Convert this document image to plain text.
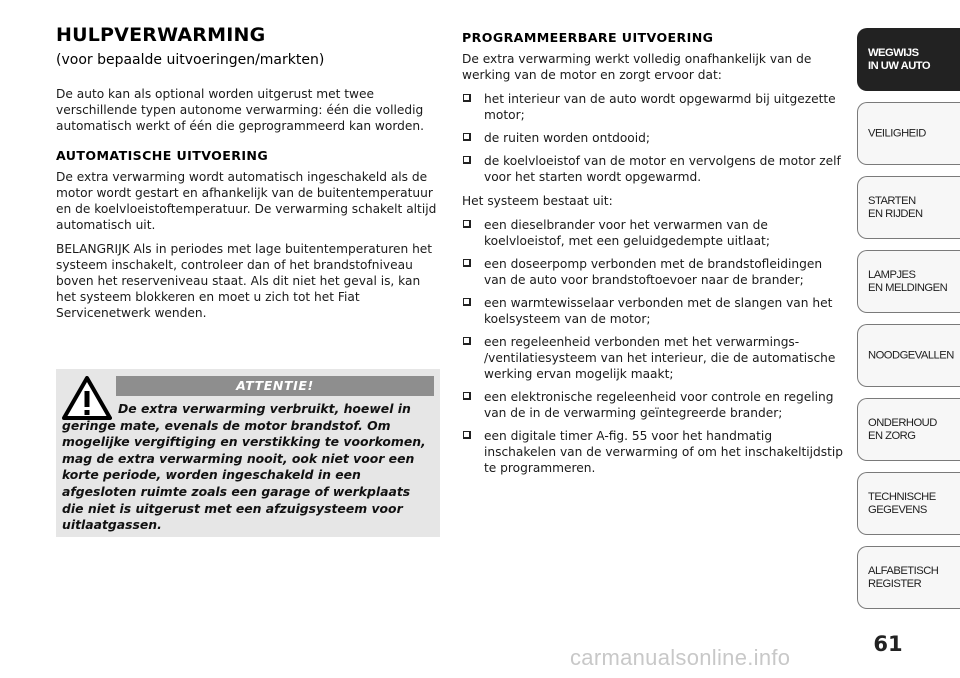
HULPVERWARMING
(voor bepaalde uitvoeringen/markten)

De auto kan als optional worden uitgerust met twee verschillende typen autonome verwarming: één die volledig automatisch werkt of één die geprogrammeerd kan worden.

AUTOMATISCHE UITVOERING

De extra verwarming wordt automatisch ingeschakeld als de motor wordt gestart en afhankelijk van de buitentemperatuur en de koelvloeistoftemperatuur. De verwarming schakelt altijd automatisch uit.

BELANGRIJK Als in periodes met lage buitentemperaturen het systeem inschakelt, controleer dan of het brandstofniveau boven het reserveniveau staat. Als dit niet het geval is, kan het systeem blokkeren en moet u zich tot het Fiat Servicenetwerk wenden.

ATTENTIE!
De extra verwarming verbruikt, hoewel in geringe mate, evenals de motor brandstof. Om mogelijke vergiftiging en verstikking te voorkomen, mag de extra verwarming nooit, ook niet voor een korte periode, worden ingeschakeld in een afgesloten ruimte zoals een garage of werkplaats die niet is uitgerust met een afzuigsysteem voor uitlaatgassen.
PROGRAMMEERBARE UITVOERING

De extra verwarming werkt volledig onafhankelijk van de werking van de motor en zorgt ervoor dat:

het interieur van de auto wordt opgewarmd bij uitgezette motor;
de ruiten worden ontdooid;
de koelvloeistof van de motor en vervolgens de motor zelf voor het starten wordt opgewarmd.

Het systeem bestaat uit:

een dieselbrander voor het verwarmen van de koelvloeistof, met een geluidgedempte uitlaat;
een doseerpomp verbonden met de brandstofleidingen van de auto voor brandstoftoevoer naar de brander;
een warmtewisselaar verbonden met de slangen van het koelsysteem van de motor;
een regeleenheid verbonden met het verwarmings- /ventilatiesysteem van het interieur, die de automatische werking ervan mogelijk maakt;
een elektronische regeleenheid voor controle en regeling van de in de verwarming geïntegreerde brander;
een digitale timer A-fig. 55 voor het handmatig inschakelen van de verwarming of om het inschakeltijdstip te programmeren.
WEGWIJS
IN UW AUTO
VEILIGHEID
STARTEN
EN RIJDEN
LAMPJES
EN MELDINGEN
NOODGEVALLEN
ONDERHOUD
EN ZORG
TECHNISCHE
GEGEVENS
ALFABETISCH
REGISTER
61
carmanualsonline.info
